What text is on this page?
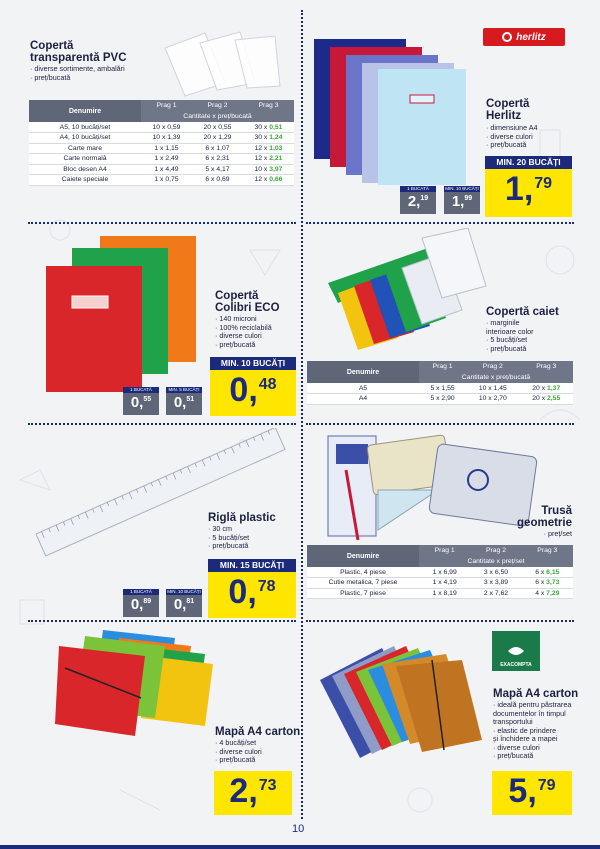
Copertă
transparentă PVC
· diverse sortimente, ambalări
· preț/bucată
Denumire	Prag 1	Prag 2	Prag 3
	Cantitate x preț/bucată		
A5, 10 bucăți/set	10 x 0,59	20 x 0,55	30 x 0,51
A4, 10 bucăți/set	10 x 1,39	20 x 1,29	30 x 1,24
Carte mare	1 x 1,15	6 x 1,07	12 x 1,03
Carte normală	1 x 2,49	6 x 2,31	12 x 2,21
Bloc desen A4	1 x 4,49	5 x 4,17	10 x 3,97
Caiete speciale	1 x 0,75	6 x 0,69	12 x 0,66
herlitz
Copertă
Herlitz
· dimensiune A4
· diverse culori
· preț/bucată
MIN. 20 BUCĂȚI
1, 79
1 BUCATĂ
2, 19
MIN. 10 BUCĂȚI
1, 99
Copertă
Colibri ECO
· 140 microni
· 100% reciclabilă
· diverse culori
· preț/bucată
MIN. 10 BUCĂȚI
0, 48
1 BUCATĂ
0, 55
MIN. 5 BUCĂȚI
0, 51
Copertă caiet
· marginile
interioare color
· 5 bucăți/set
· preț/bucată
Denumire	Prag 1	Prag 2	Prag 3
	Cantitate x preț/bucată		
A5	5 x 1,55	10 x 1,45	20 x 1,37
A4	5 x 2,90	10 x 2,70	20 x 2,55
Riglă plastic
· 30 cm
· 5 bucăți/set
· preț/bucată
MIN. 15 BUCĂȚI
0, 78
1 BUCATĂ
0, 89
MIN. 10 BUCĂȚI
0, 81
Trusă
geometrie
· preț/set
Denumire	Prag 1	Prag 2	Prag 3
	Cantitate x preț/set		
Plastic, 4 piese	1 x 6,99	3 x 6,50	6 x 6,15
Cutie metalica, 7 piese	1 x 4,19	3 x 3,89	6 x 3,73
Plastic, 7 piese	1 x 8,19	2 x 7,62	4 x 7,29
Mapă A4 carton
· 4 bucăți/set
· diverse culori
· preț/bucată
2, 73
EXACOMPTA
Mapă A4 carton
· ideală pentru păstrarea
documentelor în timpul
transportului
· elastic de prindere
și închidere a mapei
· diverse culori
· preț/bucată
5, 79
10
